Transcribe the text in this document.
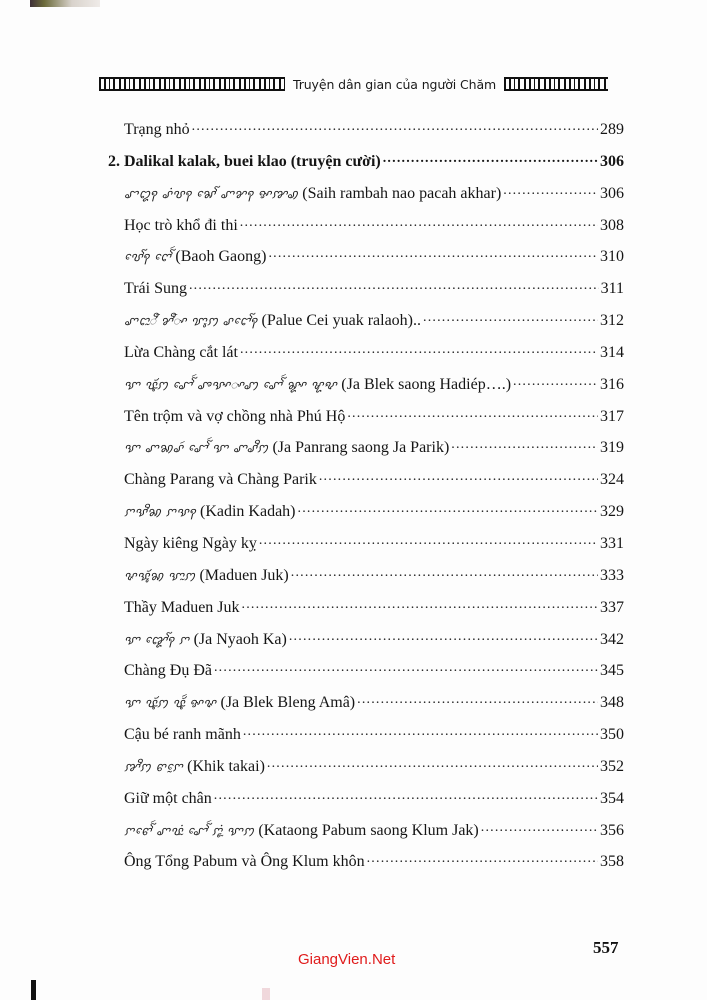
Truyện dân gian của người Chăm
Trạng nhỏ .....	289
2. Dalikal kalak, buei klao (truyện cười) .....	306
ꨧꨁꩍ ꨣꩌꨝꩍ ꨗꨯꨱ ꨚꨌꩍ ꨀꨇꩉ (Saih rambah nao pacah akhar) .....	306
Học trò khổ đi thi .....	308
ꨝꨯꨱꩍ ꨈꨯꨱꩃ (Baoh Gaong) .....	310
Trái Sung .....	311
ꨚꨤꨭꨬ ꨌꨬꨳ ꨢꨶꩀ ꨣꨤꨯꨱꩍ (Palue Cei yuak ralaoh).. .....	312
Lừa Chàng cắt lát .....	314
ꨎ ꨝꨵꨮꩀ ꨧꨯꨱꩃ ꨨꨕꨳꨳꩇ ꨚꨯꨱꩃ ꨘꨳ ꨠꨦ (Ja Blek saong Hadiép….) .....	316
Tên trộm và vợ chồng nhà Phú Hộ .....	317
ꨎ ꨚꩆꨣꩃ ꨧꨯꨱꩃ ꨎ ꨚꨣꨪꩀ (Ja Panrang saong Ja Parik) .....	319
Chàng Parang và Chàng Parik .....	324
ꨆꨕꨪꩆ ꨆꨕꩍ (Kadin Kadah) .....	329
Ngày kiêng Ngày kỵ .....	331
ꨟꨕꨶꨮꩆ ꨎꨭꩀ (Maduen Juk) .....	333
Thầy Maduen Juk .....	337
ꨎ ꨑꨯꨱꩍ ꨆ (Ja Nyaoh Ka) .....	342
Chàng Đụ Đã .....	345
ꨎ ꨝꨵꨮꩀ ꨝꨵꨮꩃ ꨀꨟ (Ja Blek Bleng Amâ) .....	348
Cậu bé ranh mãnh .....	350
ꨇꨪꩀ ꨓꨆꨰ (Khik takai) .....	352
Giữ một chân .....	354
ꨆꨓꨯꨱꩃ ꨚꨝꨭꩌ ꨧꨯꨱꩃ ꨆꨵꨭꩌ ꨎꩀ (Kataong Pabum saong Klum Jak) .....	356
Ông Tổng Pabum và Ông Klum khôn .....	358
557
GiangVien.Net
